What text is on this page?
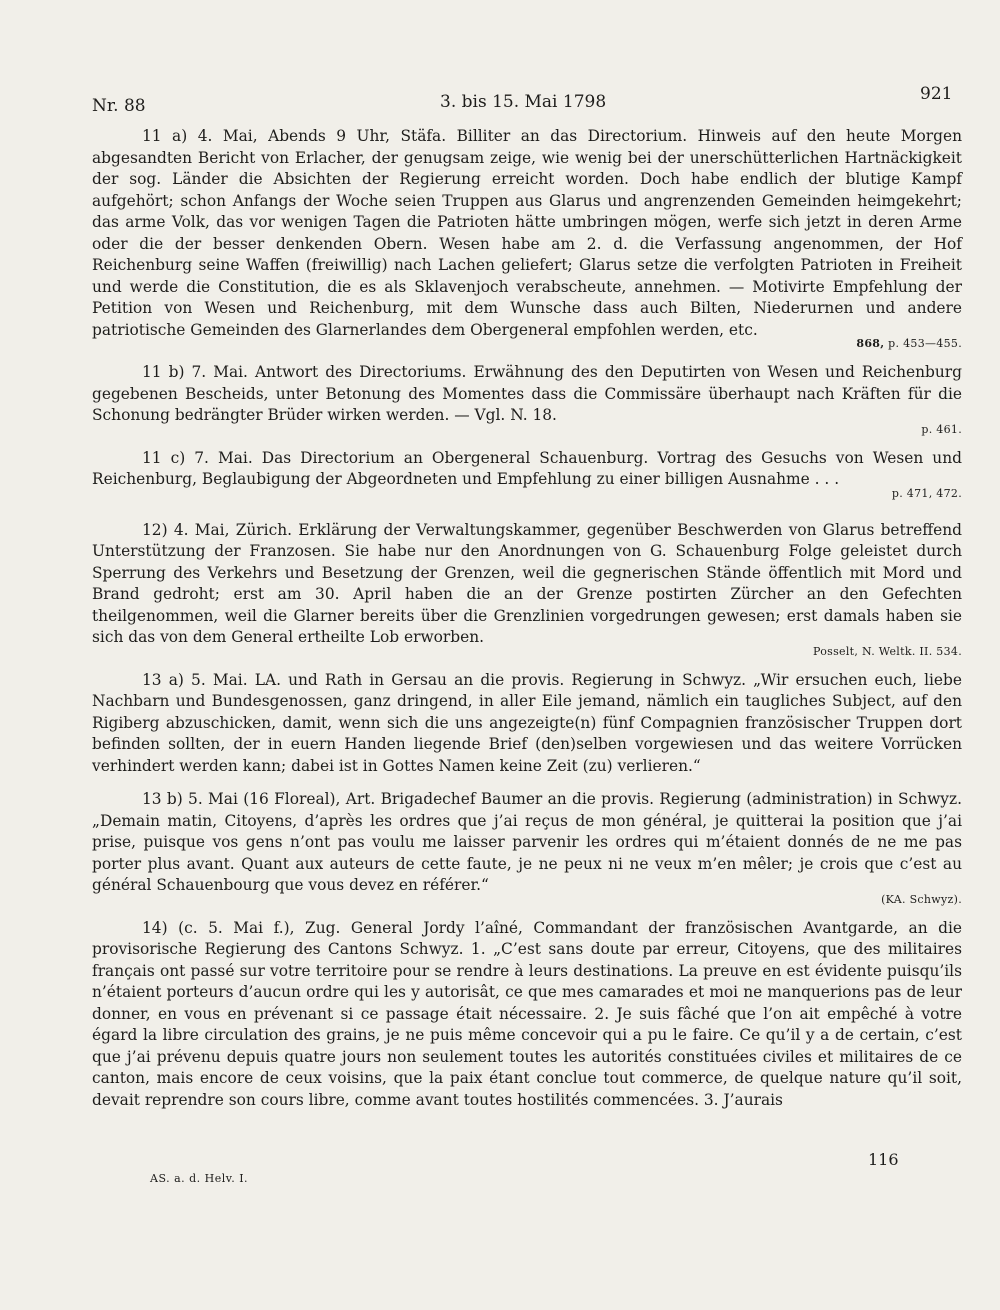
Nr. 88	3. bis 15. Mai 1798	921
11 a) 4. Mai, Abends 9 Uhr, Stäfa. Billiter an das Directorium. Hinweis auf den heute Morgen abgesandten Bericht von Erlacher, der genugsam zeige, wie wenig bei der unerschütterlichen Hartnäckigkeit der sog. Länder die Absichten der Regierung erreicht worden. Doch habe endlich der blutige Kampf aufgehört; schon Anfangs der Woche seien Truppen aus Glarus und angrenzenden Gemeinden heimgekehrt; das arme Volk, das vor wenigen Tagen die Patrioten hätte umbringen mögen, werfe sich jetzt in deren Arme oder die der besser denkenden Obern. Wesen habe am 2. d. die Verfassung angenommen, der Hof Reichenburg seine Waffen (freiwillig) nach Lachen geliefert; Glarus setze die verfolgten Patrioten in Freiheit und werde die Constitution, die es als Sklavenjoch verabscheute, annehmen. — Motivirte Empfehlung der Petition von Wesen und Reichenburg, mit dem Wunsche dass auch Bilten, Niederurnen und andere patriotische Gemeinden des Glarnerlandes dem Obergeneral empfohlen werden, etc.
868, p. 453—455.
11 b) 7. Mai. Antwort des Directoriums. Erwähnung des den Deputirten von Wesen und Reichenburg gegebenen Bescheids, unter Betonung des Momentes dass die Commissäre überhaupt nach Kräften für die Schonung bedrängter Brüder wirken werden. — Vgl. N. 18.
p. 461.
11 c) 7. Mai. Das Directorium an Obergeneral Schauenburg. Vortrag des Gesuchs von Wesen und Reichenburg, Beglaubigung der Abgeordneten und Empfehlung zu einer billigen Ausnahme . . .
p. 471, 472.
12) 4. Mai, Zürich. Erklärung der Verwaltungskammer, gegenüber Beschwerden von Glarus betreffend Unterstützung der Franzosen. Sie habe nur den Anordnungen von G. Schauenburg Folge geleistet durch Sperrung des Verkehrs und Besetzung der Grenzen, weil die gegnerischen Stände öffentlich mit Mord und Brand gedroht; erst am 30. April haben die an der Grenze postirten Zürcher an den Gefechten theilgenommen, weil die Glarner bereits über die Grenzlinien vorgedrungen gewesen; erst damals haben sie sich das von dem General ertheilte Lob erworben.
Posselt, N. Weltk. II. 534.
13 a) 5. Mai. LA. und Rath in Gersau an die provis. Regierung in Schwyz. „Wir ersuchen euch, liebe Nachbarn und Bundesgenossen, ganz dringend, in aller Eile jemand, nämlich ein taugliches Subject, auf den Rigiberg abzuschicken, damit, wenn sich die uns angezeigte(n) fünf Compagnien französischer Truppen dort befinden sollten, der in euern Handen liegende Brief (den)selben vorgewiesen und das weitere Vorrücken verhindert werden kann; dabei ist in Gottes Namen keine Zeit (zu) verlieren.“
13 b) 5. Mai (16 Floreal), Art. Brigadechef Baumer an die provis. Regierung (administration) in Schwyz. „Demain matin, Citoyens, d’après les ordres que j’ai reçus de mon général, je quitterai la position que j’ai prise, puisque vos gens n’ont pas voulu me laisser parvenir les ordres qui m’étaient donnés de ne me pas porter plus avant. Quant aux auteurs de cette faute, je ne peux ni ne veux m’en mêler; je crois que c’est au général Schauenbourg que vous devez en référer.“
(KA. Schwyz).
14) (c. 5. Mai f.), Zug. General Jordy l’aîné, Commandant der französischen Avantgarde, an die provisorische Regierung des Cantons Schwyz. 1. „C’est sans doute par erreur, Citoyens, que des militaires français ont passé sur votre territoire pour se rendre à leurs destinations. La preuve en est évidente puisqu’ils n’étaient porteurs d’aucun ordre qui les y autorisât, ce que mes camarades et moi ne manquerions pas de leur donner, en vous en prévenant si ce passage était nécessaire. 2. Je suis fâché que l’on ait empêché à votre égard la libre circulation des grains, je ne puis même concevoir qui a pu le faire. Ce qu’il y a de certain, c’est que j’ai prévenu depuis quatre jours non seulement toutes les autorités constituées civiles et militaires de ce canton, mais encore de ceux voisins, que la paix étant conclue tout commerce, de quelque nature qu’il soit, devait reprendre son cours libre, comme avant toutes hostilités commencées. 3. J’aurais
116
AS. a. d. Helv. I.
